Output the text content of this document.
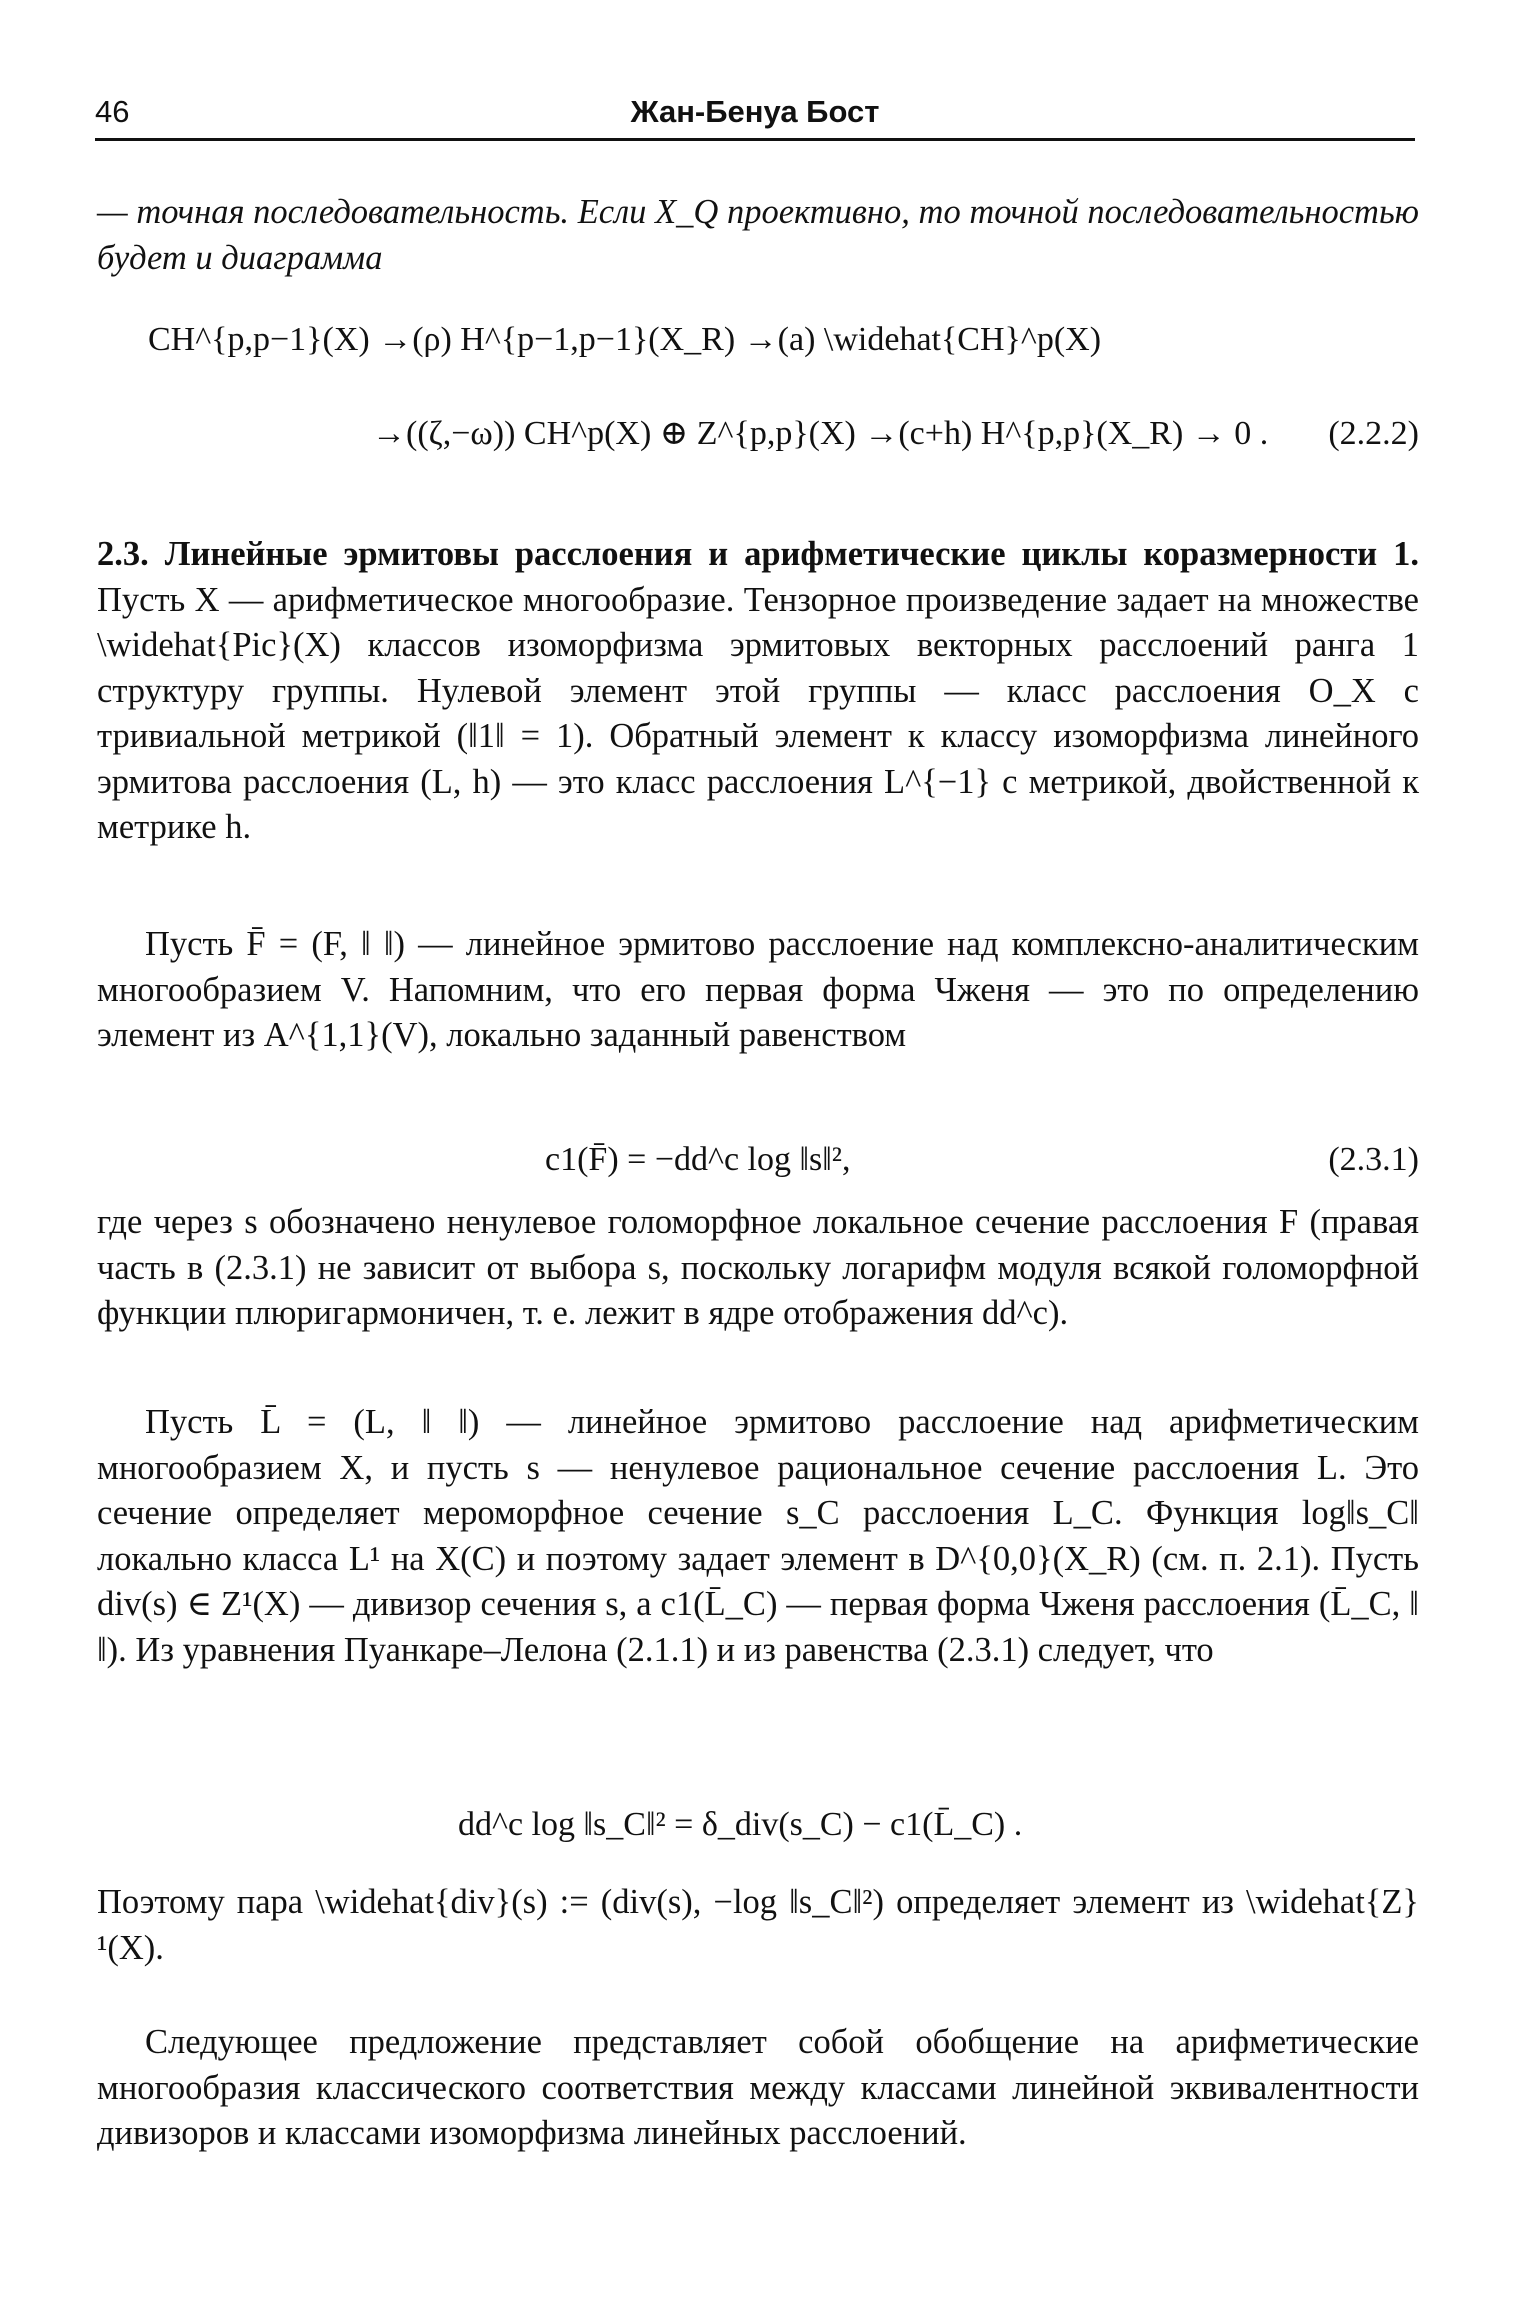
46	Жан-Бенуа Бост

— точная последовательность. Если X_Q проективно, то точной последовательностью будет и диаграмма

CH^{p,p−1}(X) →(ρ) H^{p−1,p−1}(X_R) →(a) \widehat{CH}^p(X)
→((ζ,−ω)) CH^p(X) ⊕ Z^{p,p}(X) →(c+h) H^{p,p}(X_R) → 0 . (2.2.2)

2.3. Линейные эрмитовы расслоения и арифметические циклы коразмерности 1. Пусть X — арифметическое многообразие. Тензорное произведение задает на множестве \widehat{Pic}(X) классов изоморфизма эрмитовых векторных расслоений ранга 1 структуру группы. Нулевой элемент этой группы — класс расслоения O_X с тривиальной метрикой (‖1‖ = 1). Обратный элемент к классу изоморфизма линейного эрмитова расслоения (L, h) — это класс расслоения L^{−1} с метрикой, двойственной к метрике h.

Пусть F̄ = (F, ‖ ‖) — линейное эрмитово расслоение над комплексно-аналитическим многообразием V. Напомним, что его первая форма Чженя — это по определению элемент из A^{1,1}(V), локально заданный равенством

c1(F̄) = −dd^c log ‖s‖²,	(2.3.1)

где через s обозначено ненулевое голоморфное локальное сечение расслоения F (правая часть в (2.3.1) не зависит от выбора s, поскольку логарифм модуля всякой голоморфной функции плюригармоничен, т. е. лежит в ядре отображения dd^c).

Пусть L̄ = (L, ‖ ‖) — линейное эрмитово расслоение над арифметическим многообразием X, и пусть s — ненулевое рациональное сечение расслоения L. Это сечение определяет мероморфное сечение s_C расслоения L_C. Функция log‖s_C‖ локально класса L¹ на X(C) и поэтому задает элемент в D^{0,0}(X_R) (см. п. 2.1). Пусть div(s) ∈ Z¹(X) — дивизор сечения s, а c1(L̄_C) — первая форма Чженя расслоения (L̄_C, ‖ ‖). Из уравнения Пуанкаре–Лелона (2.1.1) и из равенства (2.3.1) следует, что

dd^c log ‖s_C‖² = δ_div(s_C) − c1(L̄_C) .

Поэтому пара \widehat{div}(s) := (div(s), −log ‖s_C‖²) определяет элемент из \widehat{Z}¹(X).

Следующее предложение представляет собой обобщение на арифметические многообразия классического соответствия между классами линейной эквивалентности дивизоров и классами изоморфизма линейных расслоений.
